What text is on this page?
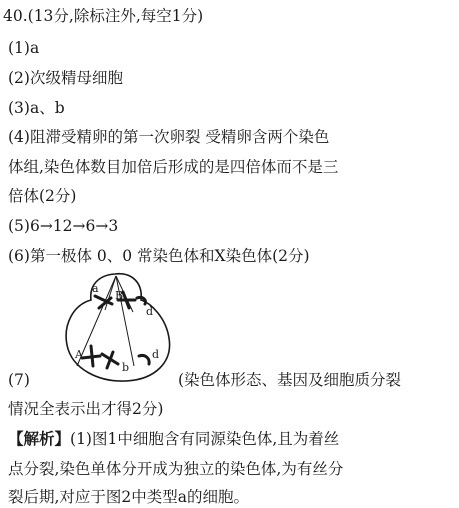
40.(13分,除标注外,每空1分)
(1)a
(2)次级精母细胞
(3)a、b
(4)阻滞受精卵的第一次卵裂 受精卵含两个染色
体组,染色体数目加倍后形成的是四倍体而不是三
倍体(2分)
(5)6→12→6→3
(6)第一极体 0、0 常染色体和X染色体(2分)
a
B
d
A
b
d
(7)	(染色体形态、基因及细胞质分裂
情况全表示出才得2分)
【解析】(1)图1中细胞含有同源染色体,且为着丝
点分裂,染色单体分开成为独立的染色体,为有丝分
裂后期,对应于图2中类型a的细胞。
